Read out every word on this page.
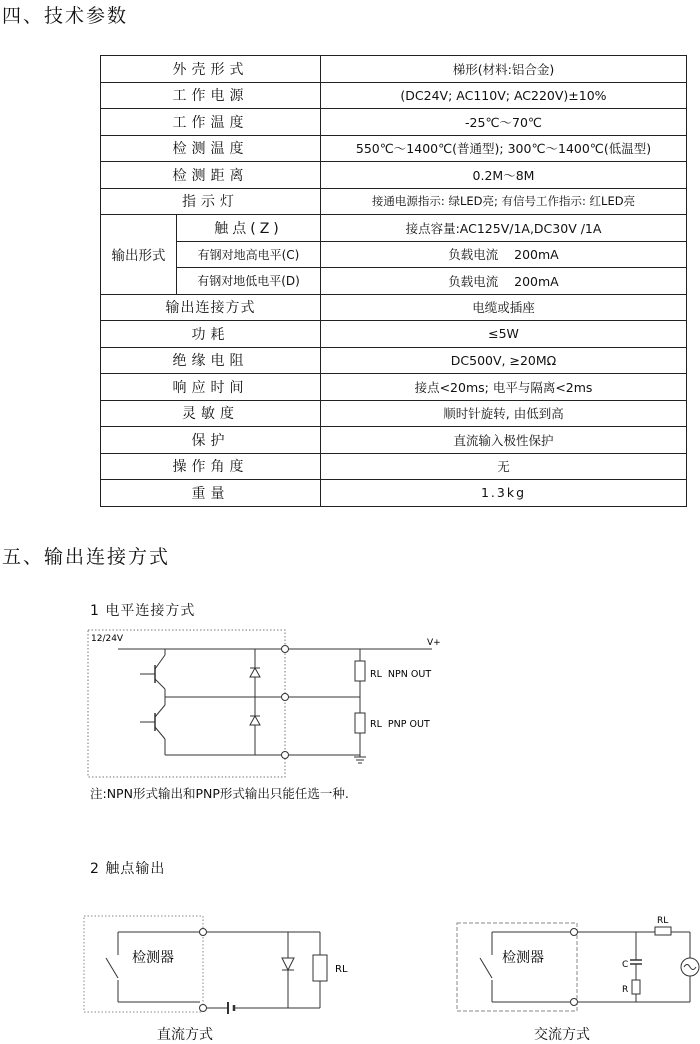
四、技术参数
外壳形式		梯形(材料:铝合金)
工作电源		(DC24V; AC110V; AC220V)±10%
工作温度		-25℃～70℃
检测温度		550℃～1400℃(普通型); 300℃～1400℃(低温型)
检测距离		0.2M～8M
指示灯		接通电源指示: 绿LED亮; 有信号工作指示: 红LED亮
输出形式	触点(Z)	接点容量:AC125V/1A,DC30V /1A
	有钢对地高电平(C)	负载电流    200mA
	有钢对地低电平(D)	负载电流    200mA
输出连接方式		电缆或插座
功耗		≤5W
绝缘电阻		DC500V, ≥20MΩ
响应时间		接点<20ms; 电平与隔离<2ms
灵敏度		顺时针旋转, 由低到高
保护		直流输入极性保护
操作角度		无
重量		1.3kg
五、输出连接方式
1 电平连接方式
12/24V	V+
RL  NPN OUT
RL  PNP OUT
注:NPN形式输出和PNP形式输出只能任选一种.
2 触点输出
检测器
RL
检测器
RL
C
R
直流方式	交流方式
